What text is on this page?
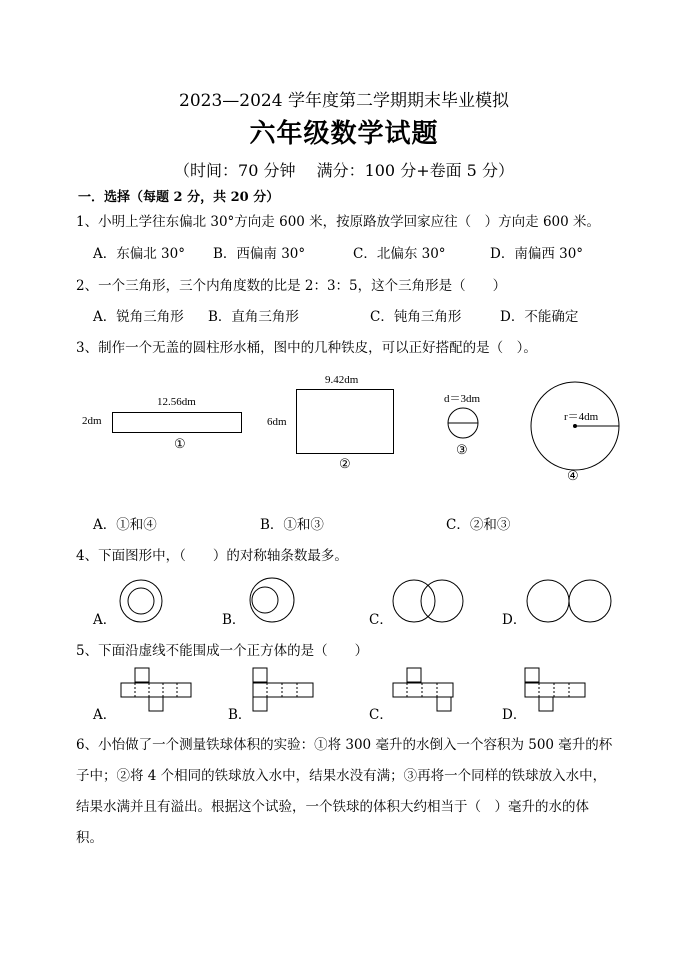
2023—2024 学年度第二学期期末毕业模拟
六年级数学试题
（时间：70 分钟　 满分：100 分+卷面 5 分）
一．选择（每题 2 分，共 20 分）
1、小明上学往东偏北 30°方向走 600 米，按原路放学回家应往（　）方向走 600 米。
A．东偏北 30° B．西偏南 30°	C．北偏东 30°	D．南偏西 30°
2、一个三角形，三个内角度数的比是 2：3：5，这个三角形是（　　）
A．锐角三角形 B．直角三角形	C．钝角三角形	D．不能确定
3、制作一个无盖的圆柱形水桶，图中的几种铁皮，可以正好搭配的是（　）。
12.56dm
2dm
①
9.42dm
6dm
②
d＝3dm
③
r＝4dm
④
A．①和④	B．①和③	C．②和③
4、下面图形中，（　　）的对称轴条数最多。
A．	B．	C．	D．
5、下面沿虚线不能围成一个正方体的是（　　）
A．	B．	C．	D．
6、小怡做了一个测量铁球体积的实验：①将 300 毫升的水倒入一个容积为 500 毫升的杯
子中；②将 4 个相同的铁球放入水中，结果水没有满；③再将一个同样的铁球放入水中，
结果水满并且有溢出。根据这个试验，一个铁球的体积大约相当于（　）毫升的水的体
积。
